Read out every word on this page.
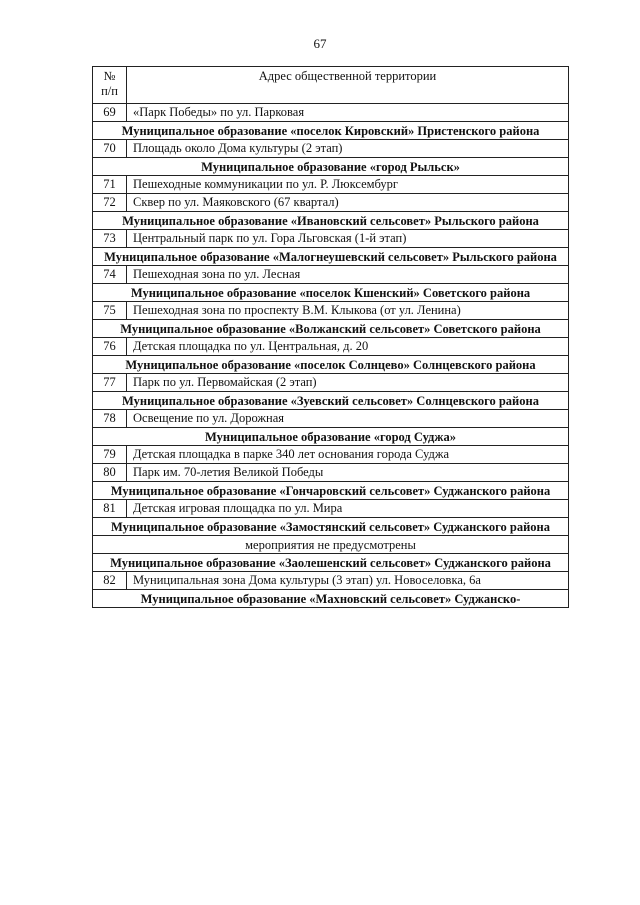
67
№
п/п	Адрес общественной территории
69	«Парк Победы» по ул. Парковая
Муниципальное образование «поселок Кировский» Пристенского района	
70	Площадь около Дома культуры (2 этап)
Муниципальное образование «город Рыльск»	
71	Пешеходные коммуникации по ул. Р. Люксембург
72	Сквер по ул. Маяковского (67 квартал)
Муниципальное образование «Ивановский сельсовет» Рыльского района	
73	Центральный парк по ул. Гора Льговская (1-й этап)
Муниципальное образование «Малогнеушевский сельсовет» Рыльского района	
74	Пешеходная зона по ул. Лесная
Муниципальное образование «поселок Кшенский» Советского района	
75	Пешеходная зона по проспекту В.М. Клыкова (от ул. Ленина)
Муниципальное образование «Волжанский сельсовет» Советского района	
76	Детская площадка по ул. Центральная, д. 20
Муниципальное образование «поселок Солнцево» Солнцевского района	
77	Парк по ул. Первомайская (2 этап)
Муниципальное образование «Зуевский сельсовет» Солнцевского района	
78	Освещение по ул. Дорожная
Муниципальное образование «город Суджа»	
79	Детская площадка в парке 340 лет основания города Суджа
80	Парк им. 70-летия Великой Победы
Муниципальное образование «Гончаровский сельсовет» Суджанского района	
81	Детская игровая площадка по ул. Мира
Муниципальное образование «Замостянский сельсовет» Суджанского района	
мероприятия не предусмотрены	
Муниципальное образование «Заолешенский сельсовет» Суджанского района	
82	Муниципальная зона Дома культуры (3 этап) ул. Новоселовка, 6а
Муниципальное образование «Махновский сельсовет» Суджанско-	
